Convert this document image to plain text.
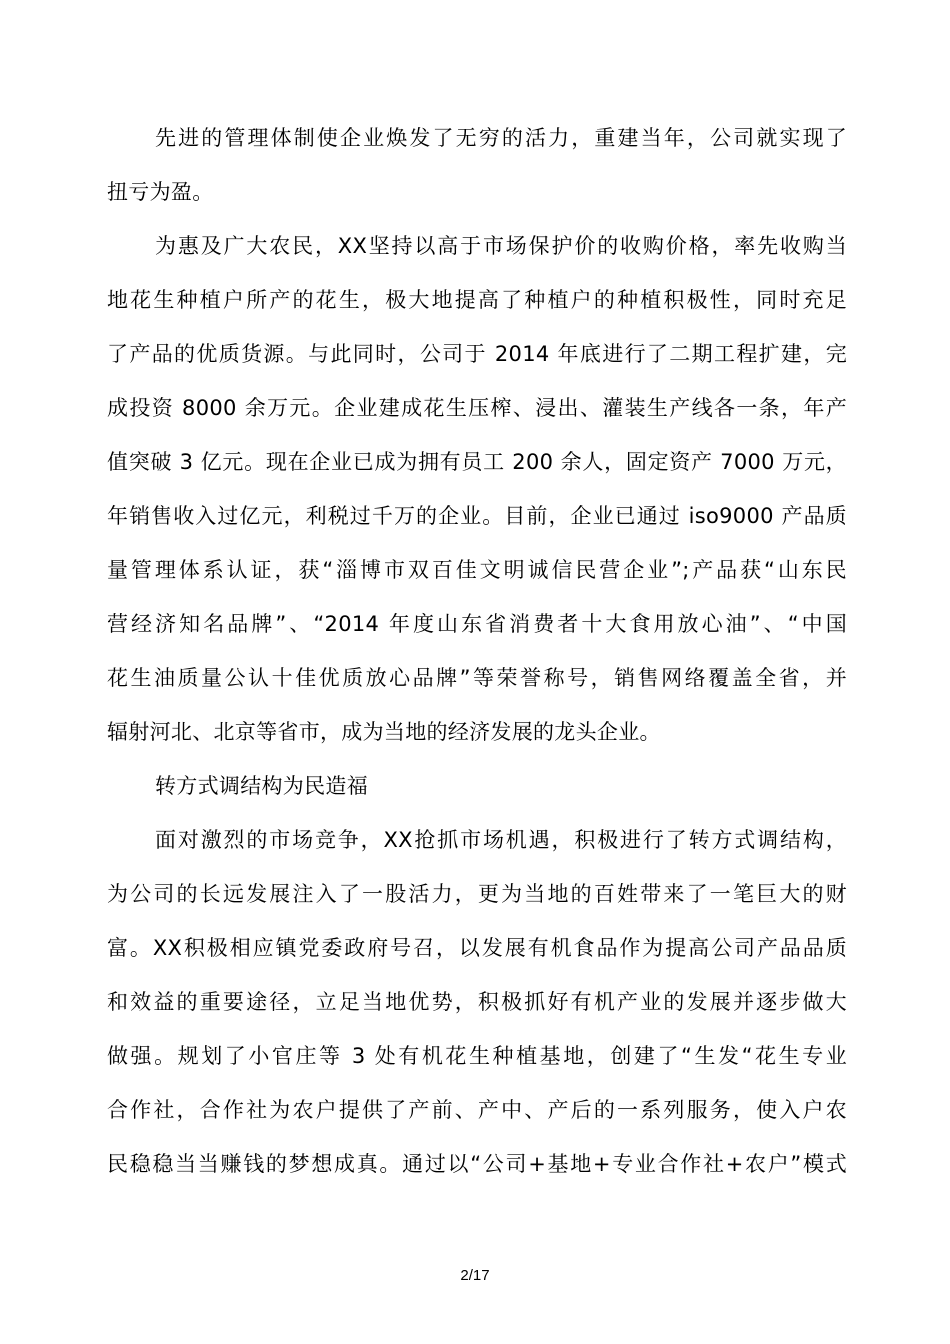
先进的管理体制使企业焕发了无穷的活力，重建当年，公司就实现了

扭亏为盈。

为惠及广大农民，XX坚持以高于市场保护价的收购价格，率先收购当

地花生种植户所产的花生，极大地提高了种植户的种植积极性，同时充足

了产品的优质货源。与此同时，公司于 2014 年底进行了二期工程扩建，完

成投资 8000 余万元。企业建成花生压榨、浸出、灌装生产线各一条，年产

值突破 3 亿元。现在企业已成为拥有员工 200 余人，固定资产 7000 万元，

年销售收入过亿元，利税过千万的企业。目前，企业已通过 iso9000 产品质

量管理体系认证，获“淄博市双百佳文明诚信民营企业”;产品获“山东民

营经济知名品牌”、“2014 年度山东省消费者十大食用放心油”、“中国

花生油质量公认十佳优质放心品牌”等荣誉称号，销售网络覆盖全省，并

辐射河北、北京等省市，成为当地的经济发展的龙头企业。

转方式调结构为民造福

面对激烈的市场竞争，XX抢抓市场机遇，积极进行了转方式调结构，

为公司的长远发展注入了一股活力，更为当地的百姓带来了一笔巨大的财

富。XX积极相应镇党委政府号召，以发展有机食品作为提高公司产品品质

和效益的重要途径，立足当地优势，积极抓好有机产业的发展并逐步做大

做强。规划了小官庄等 3 处有机花生种植基地，创建了“生发“花生专业

合作社，合作社为农户提供了产前、产中、产后的一系列服务，使入户农

民稳稳当当赚钱的梦想成真。通过以“公司+基地+专业合作社+农户”模式

2/17
